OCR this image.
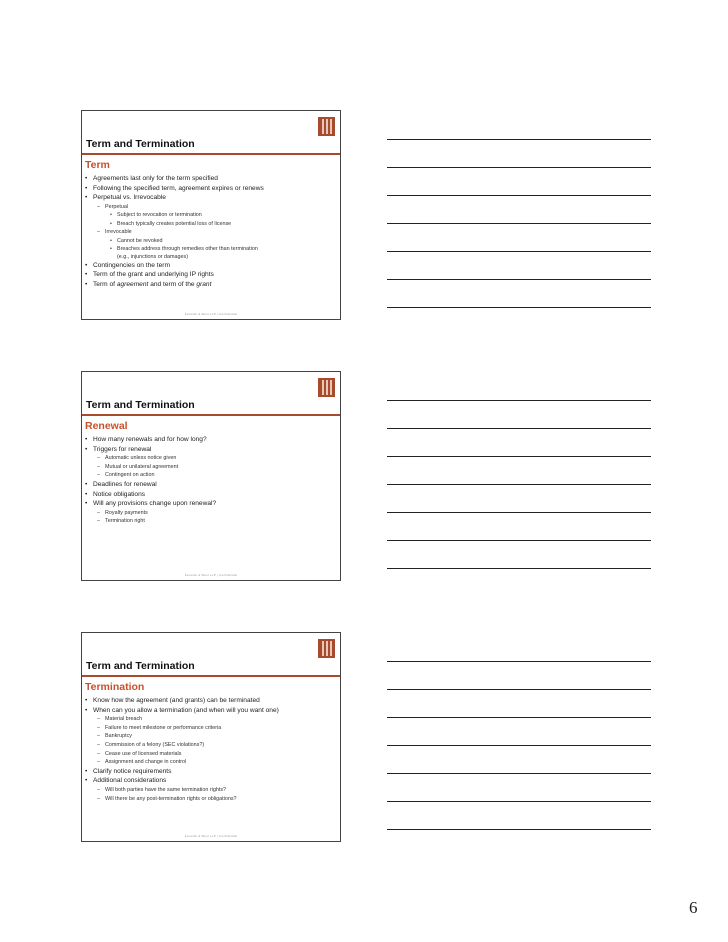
Term and Termination
Term
• Agreements last only for the term specified
• Following the specified term, agreement expires or renews
• Perpetual vs. Irrevocable
– Perpetual
• Subject to revocation or termination
• Breach typically creates potential loss of license
– Irrevocable
• Cannot be revoked
• Breaches address through remedies other than termination
(e.g., injunctions or damages)
• Contingencies on the term
• Term of the grant and underlying IP rights
• Term of agreement and term of the grant
Fenwick & West LLP | Confidential
Term and Termination
Renewal
• How many renewals and for how long?
• Triggers for renewal
– Automatic unless notice given
– Mutual or unilateral agreement
– Contingent on action
• Deadlines for renewal
• Notice obligations
• Will any provisions change upon renewal?
– Royalty payments
– Termination right
Fenwick & West LLP | Confidential
Term and Termination
Termination
• Know how the agreement (and grants) can be terminated
• When can you allow a termination (and when will you want one)
– Material breach
– Failure to meet milestone or performance criteria
– Bankruptcy
– Commission of a felony (SEC violations?)
– Cease use of licensed materials
– Assignment and change in control
• Clarify notice requirements
• Additional considerations
– Will both parties have the same termination rights?
– Will there be any post-termination rights or obligations?
Fenwick & West LLP | Confidential
6
